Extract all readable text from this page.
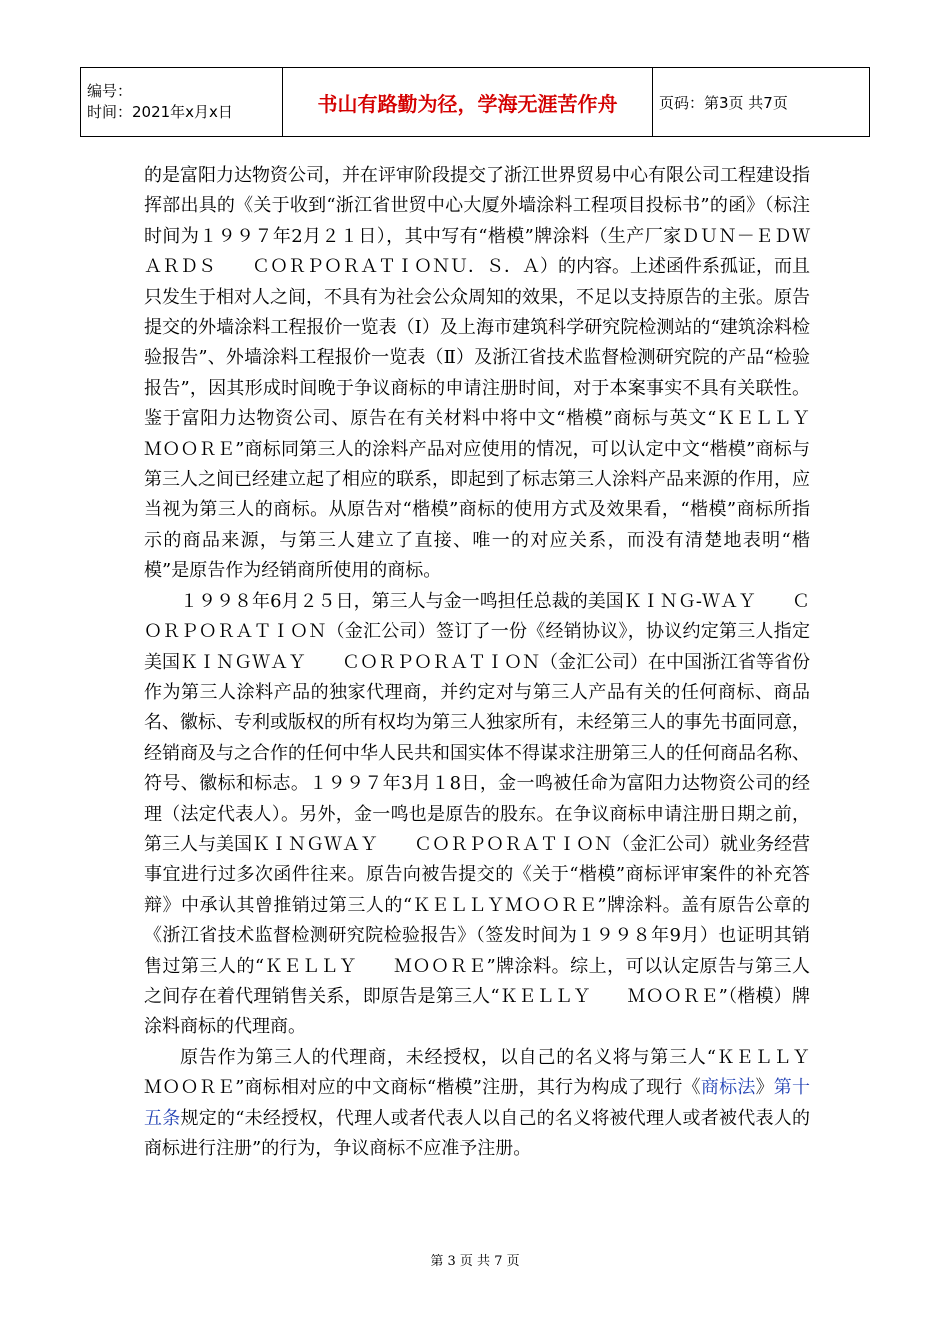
编号：
时间：2021年x月x日	书山有路勤为径，学海无涯苦作舟	页码：第3页 共7页

的是富阳力达物资公司，并在评审阶段提交了浙江世界贸易中心有限公司工程建设指挥部出具的《关于收到“浙江省世贸中心大厦外墙涂料工程项目投标书”的函》（标注时间为１９９７年2月２１日），其中写有“楷模”牌涂料（生产厂家ＤＵＮ－ＥＤＷＡＲＤＳ　　ＣＯＲＰＯＲＡＴＩＯＮＵ．Ｓ．Ａ）的内容。上述函件系孤证，而且只发生于相对人之间，不具有为社会公众周知的效果，不足以支持原告的主张。原告提交的外墙涂料工程报价一览表（Ⅰ）及上海市建筑科学研究院检测站的“建筑涂料检验报告”、外墙涂料工程报价一览表（Ⅱ）及浙江省技术监督检测研究院的产品“检验报告”，因其形成时间晚于争议商标的申请注册时间，对于本案事实不具有关联性。鉴于富阳力达物资公司、原告在有关材料中将中文“楷模”商标与英文“ＫＥＬＬＹ　ＭＯＯＲＥ”商标同第三人的涂料产品对应使用的情况，可以认定中文“楷模”商标与第三人之间已经建立起了相应的联系，即起到了标志第三人涂料产品来源的作用，应当视为第三人的商标。从原告对“楷模”商标的使用方式及效果看，“楷模”商标所指示的商品来源，与第三人建立了直接、唯一的对应关系，而没有清楚地表明“楷模”是原告作为经销商所使用的商标。

１９９８年6月２５日，第三人与金一鸣担任总裁的美国ＫＩＮＧ-ＷＡＹ　　ＣＯＲＰＯＲＡＴＩＯＮ（金汇公司）签订了一份《经销协议》，协议约定第三人指定美国ＫＩＮＧＷＡＹ　　ＣＯＲＰＯＲＡＴＩＯＮ（金汇公司）在中国浙江省等省份作为第三人涂料产品的独家代理商，并约定对与第三人产品有关的任何商标、商品名、徽标、专利或版权的所有权均为第三人独家所有，未经第三人的事先书面同意，经销商及与之合作的任何中华人民共和国实体不得谋求注册第三人的任何商品名称、符号、徽标和标志。１９９７年3月１8日，金一鸣被任命为富阳力达物资公司的经理（法定代表人）。另外，金一鸣也是原告的股东。在争议商标申请注册日期之前，第三人与美国ＫＩＮＧＷＡＹ　　ＣＯＲＰＯＲＡＴＩＯＮ（金汇公司）就业务经营事宜进行过多次函件往来。原告向被告提交的《关于“楷模”商标评审案件的补充答辩》中承认其曾推销过第三人的“ＫＥＬＬＹＭＯＯＲＥ”牌涂料。盖有原告公章的《浙江省技术监督检测研究院检验报告》（签发时间为１９９８年9月）也证明其销售过第三人的“ＫＥＬＬＹ　　ＭＯＯＲＥ”牌涂料。综上，可以认定原告与第三人之间存在着代理销售关系，即原告是第三人“ＫＥＬＬＹ　　ＭＯＯＲＥ”（楷模）牌涂料商标的代理商。

原告作为第三人的代理商，未经授权，以自己的名义将与第三人“ＫＥＬＬＹ　　ＭＯＯＲＥ”商标相对应的中文商标“楷模”注册，其行为构成了现行《商标法》第十五条规定的“未经授权，代理人或者代表人以自己的名义将被代理人或者被代表人的商标进行注册”的行为，争议商标不应准予注册。

第 3 页 共 7 页
